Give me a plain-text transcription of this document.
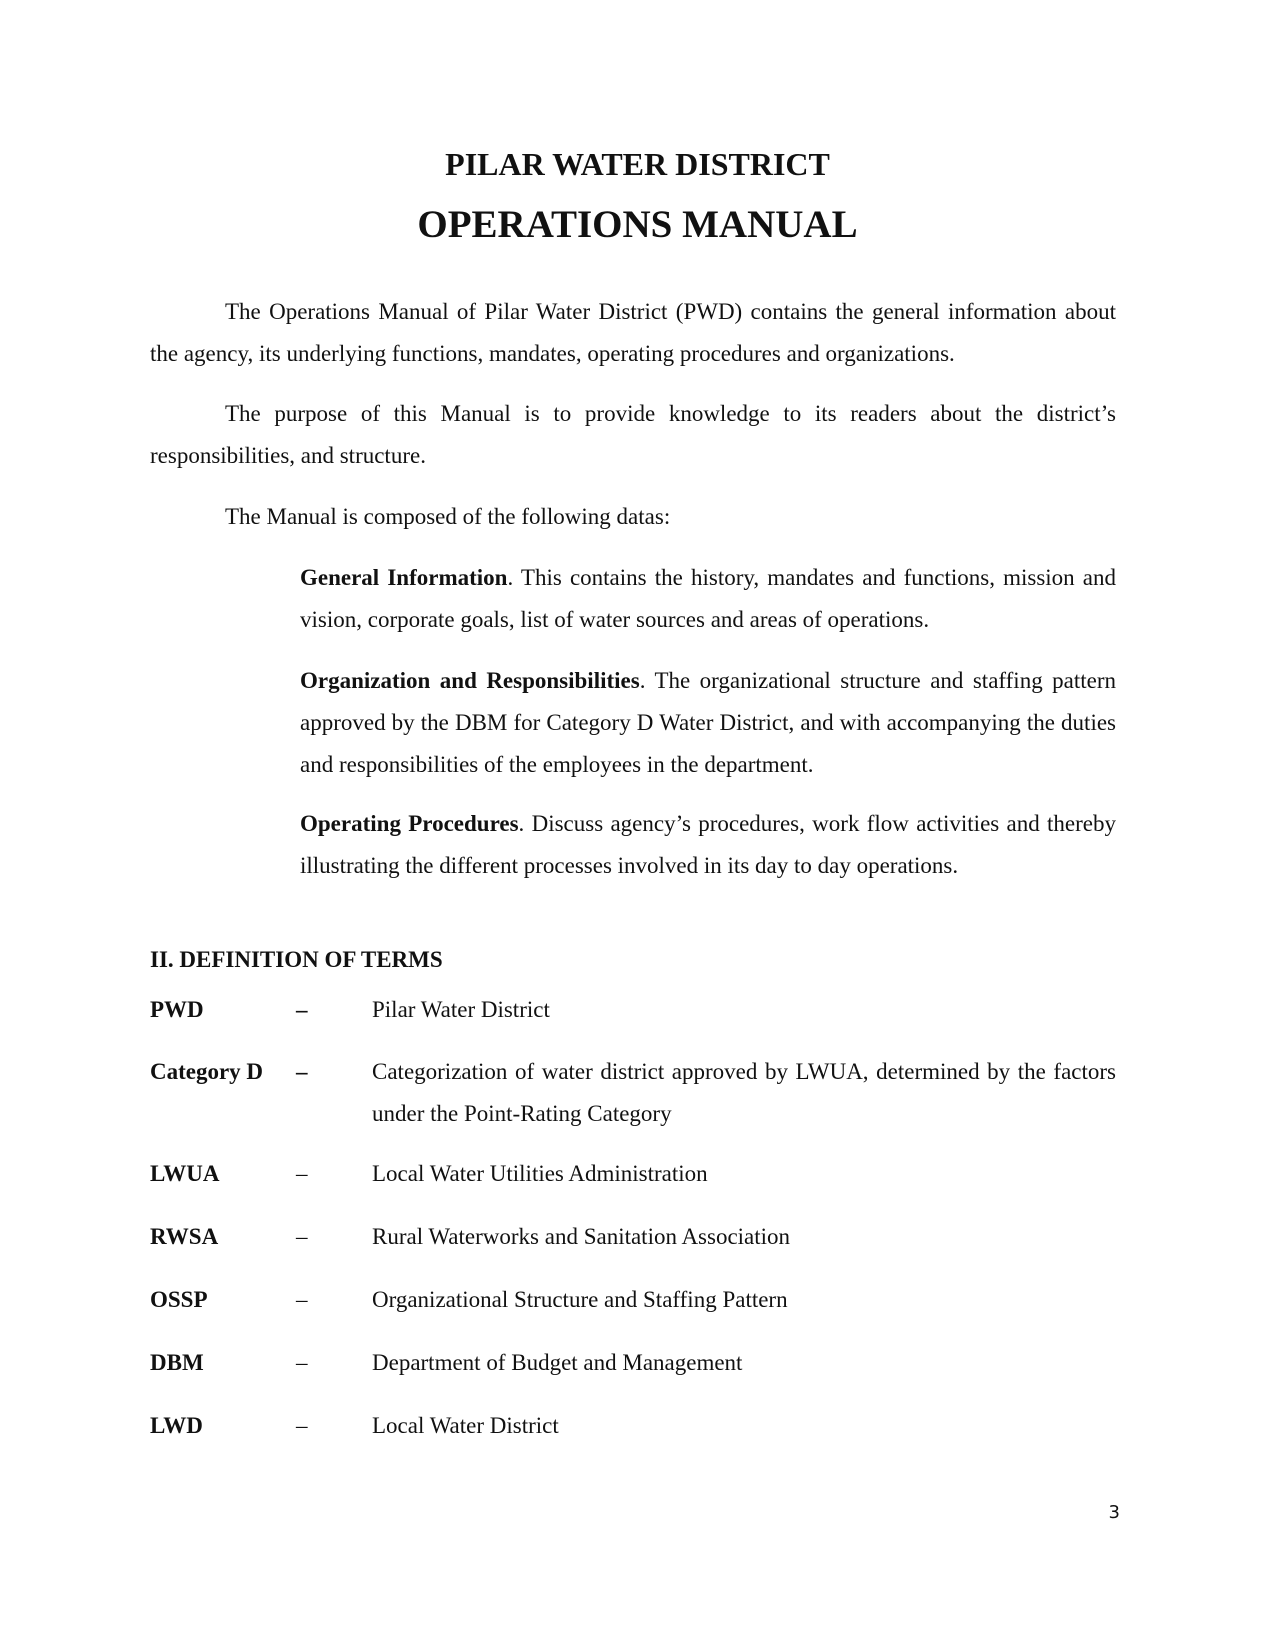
PILAR WATER DISTRICT
OPERATIONS MANUAL

The Operations Manual of Pilar Water District (PWD) contains the general information about the agency, its underlying functions, mandates, operating procedures and organizations.

The purpose of this Manual is to provide knowledge to its readers about the district’s responsibilities, and structure.

The Manual is composed of the following datas:

General Information. This contains the history, mandates and functions, mission and vision, corporate goals, list of water sources and areas of operations.

Organization and Responsibilities. The organizational structure and staffing pattern approved by the DBM for Category D Water District, and with accompanying the duties and responsibilities of the employees in the department.

Operating Procedures. Discuss agency’s procedures, work flow activities and thereby illustrating the different processes involved in its day to day operations.

II. DEFINITION OF TERMS
PWD	–	Pilar Water District
Category D –	Categorization of water district approved by LWUA, determined by the factors under the Point-Rating Category
LWUA	–	Local Water Utilities Administration
RWSA	–	Rural Waterworks and Sanitation Association
OSSP	–	Organizational Structure and Staffing Pattern
DBM	–	Department of Budget and Management
LWD	–	Local Water District
3
